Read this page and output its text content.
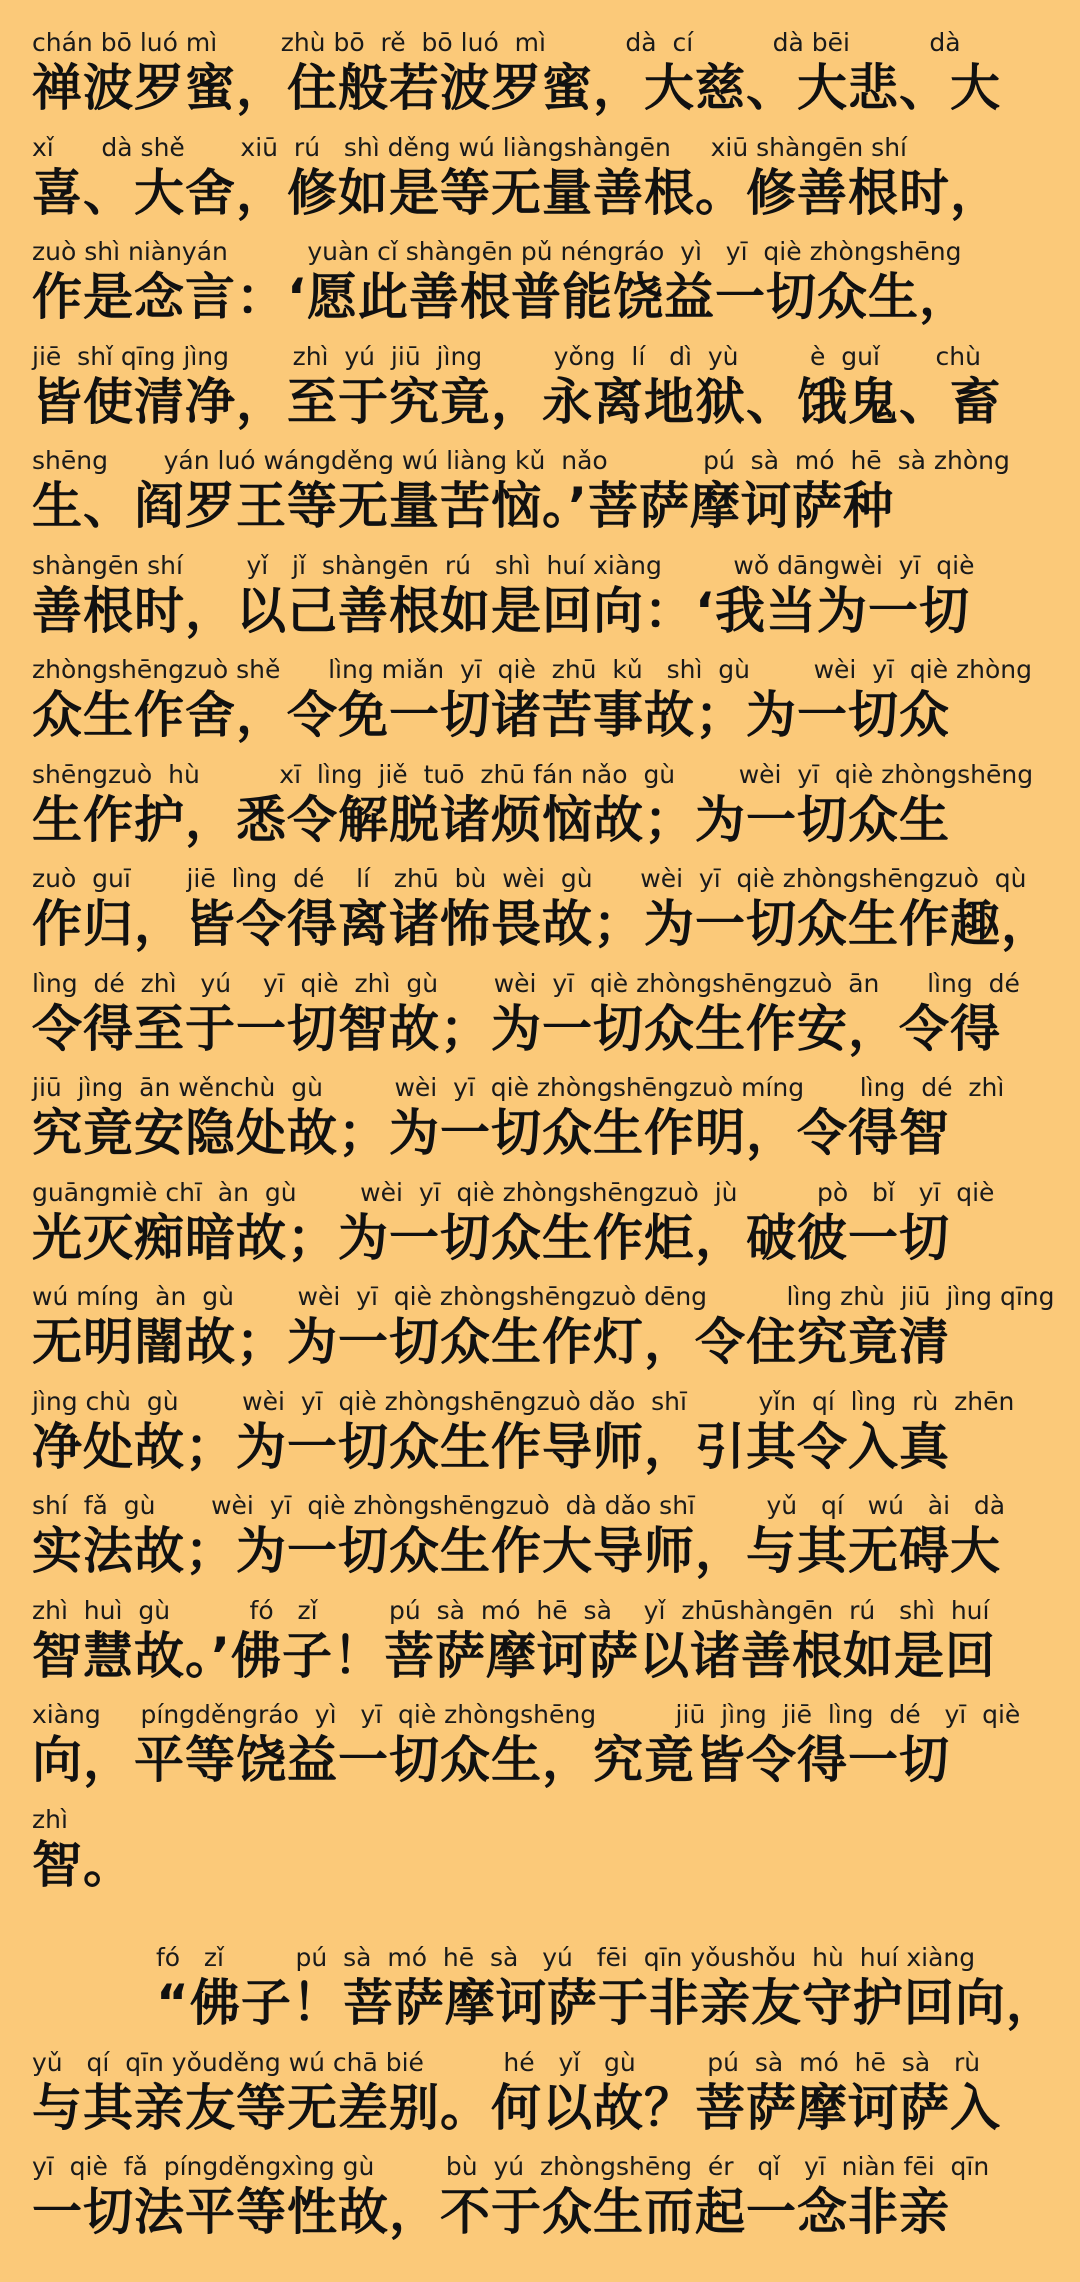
chán bō luó mì        zhù bō  rě  bō luó  mì          dà  cí          dà bēi          dà
禅波罗蜜，住般若波罗蜜，大慈、大悲、大
xǐ      dà shě       xiū  rú   shì děng wú liàngshàngēn     xiū shàngēn shí
喜、大舍，修如是等无量善根。修善根时，
zuò shì niànyán          yuàn cǐ shàngēn pǔ néngráo  yì   yī  qiè zhòngshēng
作是念言：‘愿此善根普能饶益一切众生，
jiē  shǐ qīng jìng        zhì  yú  jiū  jìng         yǒng  lí   dì  yù         è  guǐ       chù
皆使清净，至于究竟，永离地狱、饿鬼、畜
shēng       yán luó wángděng wú liàng kǔ  nǎo            pú  sà  mó  hē  sà zhòng
生、阎罗王等无量苦恼。’菩萨摩诃萨种
shàngēn shí        yǐ   jǐ  shàngēn  rú   shì  huí xiàng         wǒ dāngwèi  yī  qiè
善根时，以己善根如是回向：‘我当为一切
zhòngshēngzuò shě      lìng miǎn  yī  qiè  zhū  kǔ   shì  gù        wèi  yī  qiè zhòng
众生作舍，令免一切诸苦事故；为一切众
shēngzuò  hù          xī  lìng  jiě  tuō  zhū fán nǎo  gù        wèi  yī  qiè zhòngshēng
生作护，悉令解脱诸烦恼故；为一切众生
zuò  guī       jiē  lìng  dé    lí   zhū  bù  wèi  gù      wèi  yī  qiè zhòngshēngzuò  qù
作归，皆令得离诸怖畏故；为一切众生作趣，
lìng  dé  zhì   yú    yī  qiè  zhì  gù       wèi  yī  qiè zhòngshēngzuò  ān      lìng  dé
令得至于一切智故；为一切众生作安，令得
jiū  jìng  ān wěnchù  gù         wèi  yī  qiè zhòngshēngzuò míng       lìng  dé  zhì
究竟安隐处故；为一切众生作明，令得智
guāngmiè chī  àn  gù        wèi  yī  qiè zhòngshēngzuò  jù          pò   bǐ   yī  qiè
光灭痴暗故；为一切众生作炬，破彼一切
wú míng  àn  gù        wèi  yī  qiè zhòngshēngzuò dēng          lìng zhù  jiū  jìng qīng
无明闇故；为一切众生作灯，令住究竟清
jìng chù  gù        wèi  yī  qiè zhòngshēngzuò dǎo  shī         yǐn  qí  lìng  rù  zhēn
净处故；为一切众生作导师，引其令入真
shí  fǎ  gù       wèi  yī  qiè zhòngshēngzuò  dà dǎo shī         yǔ   qí   wú   ài   dà
实法故；为一切众生作大导师，与其无碍大
zhì  huì  gù          fó   zǐ         pú  sà  mó  hē  sà    yǐ  zhūshàngēn  rú   shì  huí
智慧故。’佛子！菩萨摩诃萨以诸善根如是回
xiàng     píngděngráo  yì   yī  qiè zhòngshēng          jiū  jìng  jiē  lìng  dé   yī  qiè
向，平等饶益一切众生，究竟皆令得一切
zhì
智。
fó   zǐ         pú  sà  mó  hē  sà   yú   fēi  qīn yǒushǒu  hù  huí xiàng
“佛子！菩萨摩诃萨于非亲友守护回向，
yǔ   qí  qīn yǒuděng wú chā bié          hé   yǐ   gù         pú  sà  mó  hē  sà   rù
与其亲友等无差别。何以故？菩萨摩诃萨入
yī  qiè  fǎ  píngděngxìng gù         bù  yú  zhòngshēng  ér   qǐ   yī  niàn fēi  qīn
一切法平等性故，不于众生而起一念非亲
